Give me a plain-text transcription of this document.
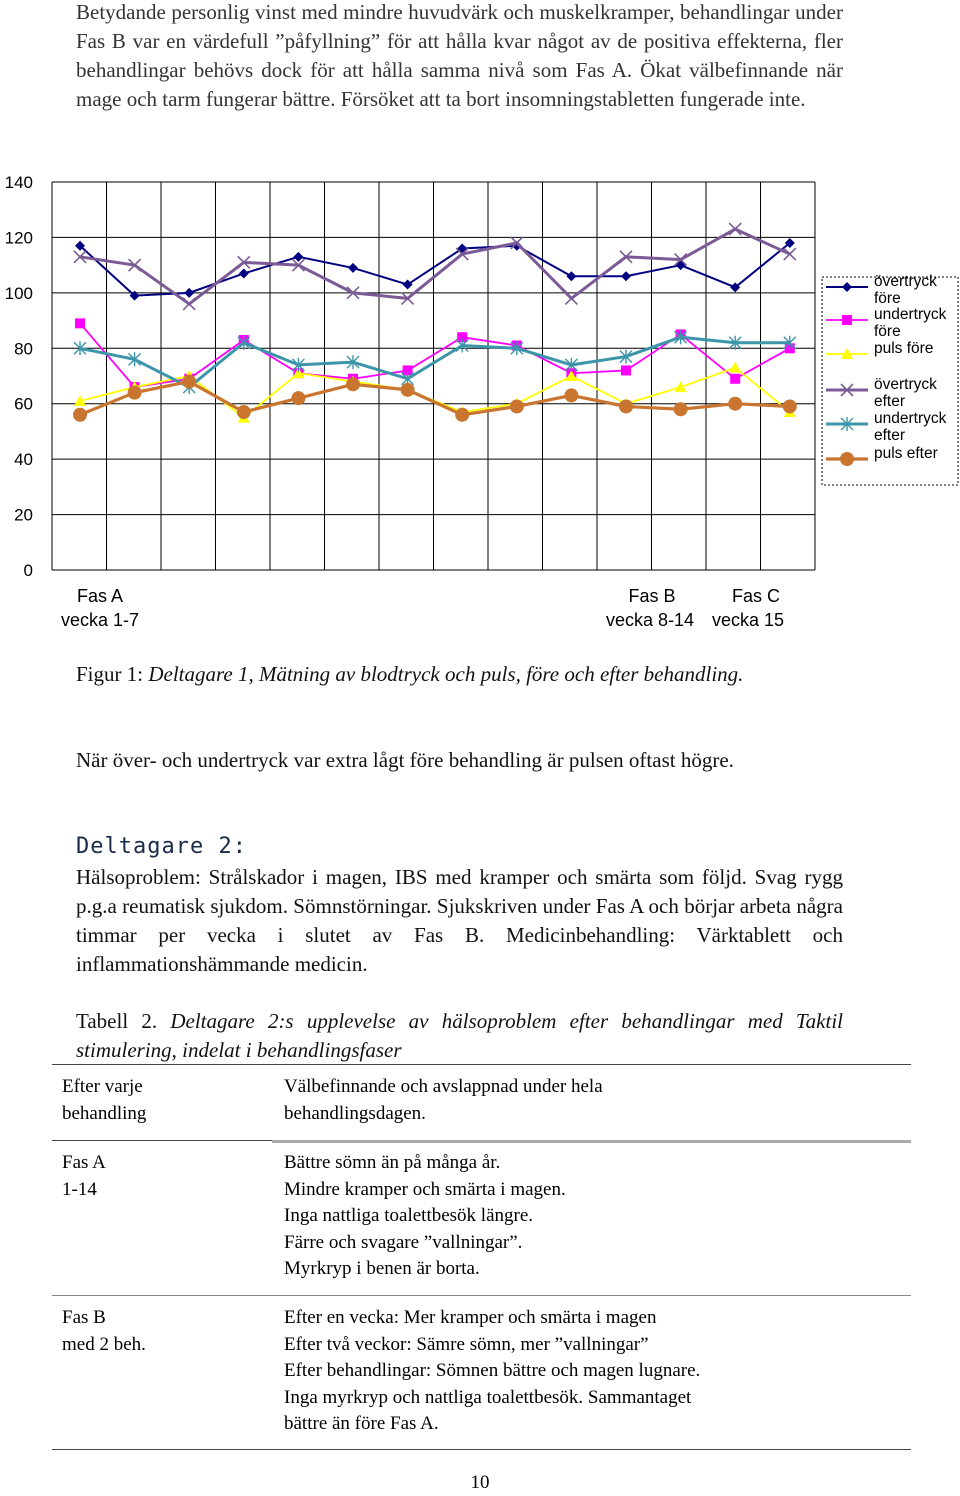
Betydande personlig vinst med mindre huvudvärk och muskelkramper, behandlingar under Fas B var en värdefull ”påfyllning” för att hålla kvar något av de positiva effekterna, fler behandlingar behövs dock för att hålla samma nivå som Fas A. Ökat välbefinnande när mage och tarm fungerar bättre. Försöket att ta bort insomningstabletten fungerade inte.
0
20
40
60
80
100
120
140
Fas A
vecka 1-7
Fas B
vecka 8-14
Fas C
vecka 15
övertryck före
undertryck före
puls före
övertryck efter
undertryck efter
puls efter
Figur 1: Deltagare 1, Mätning av blodtryck och puls, före och efter behandling.
När över- och undertryck var extra lågt före behandling är pulsen oftast högre.
Deltagare 2:
Hälsoproblem: Strålskador i magen, IBS med kramper och smärta som följd. Svag rygg p.g.a reumatisk sjukdom. Sömnstörningar. Sjukskriven under Fas A och börjar arbeta några timmar per vecka i slutet av Fas B. Medicinbehandling: Värktablett och inflammationshämmande medicin.
Tabell 2. Deltagare 2:s upplevelse av hälsoproblem efter behandlingar med Taktil stimulering, indelat i behandlingsfaser
Efter varje
behandling
Välbefinnande och avslappnad under hela
behandlingsdagen.
Fas A
1-14
Bättre sömn än på många år.
Mindre kramper och smärta i magen.
Inga nattliga toalettbesök längre.
Färre och svagare ”vallningar”.
Myrkryp i benen är borta.
Fas B
med 2 beh.
Efter en vecka: Mer kramper och smärta i magen
Efter två veckor: Sämre sömn, mer ”vallningar”
Efter behandlingar: Sömnen bättre och magen lugnare.
Inga myrkryp och nattliga toalettbesök. Sammantaget
bättre än före Fas A.
10
